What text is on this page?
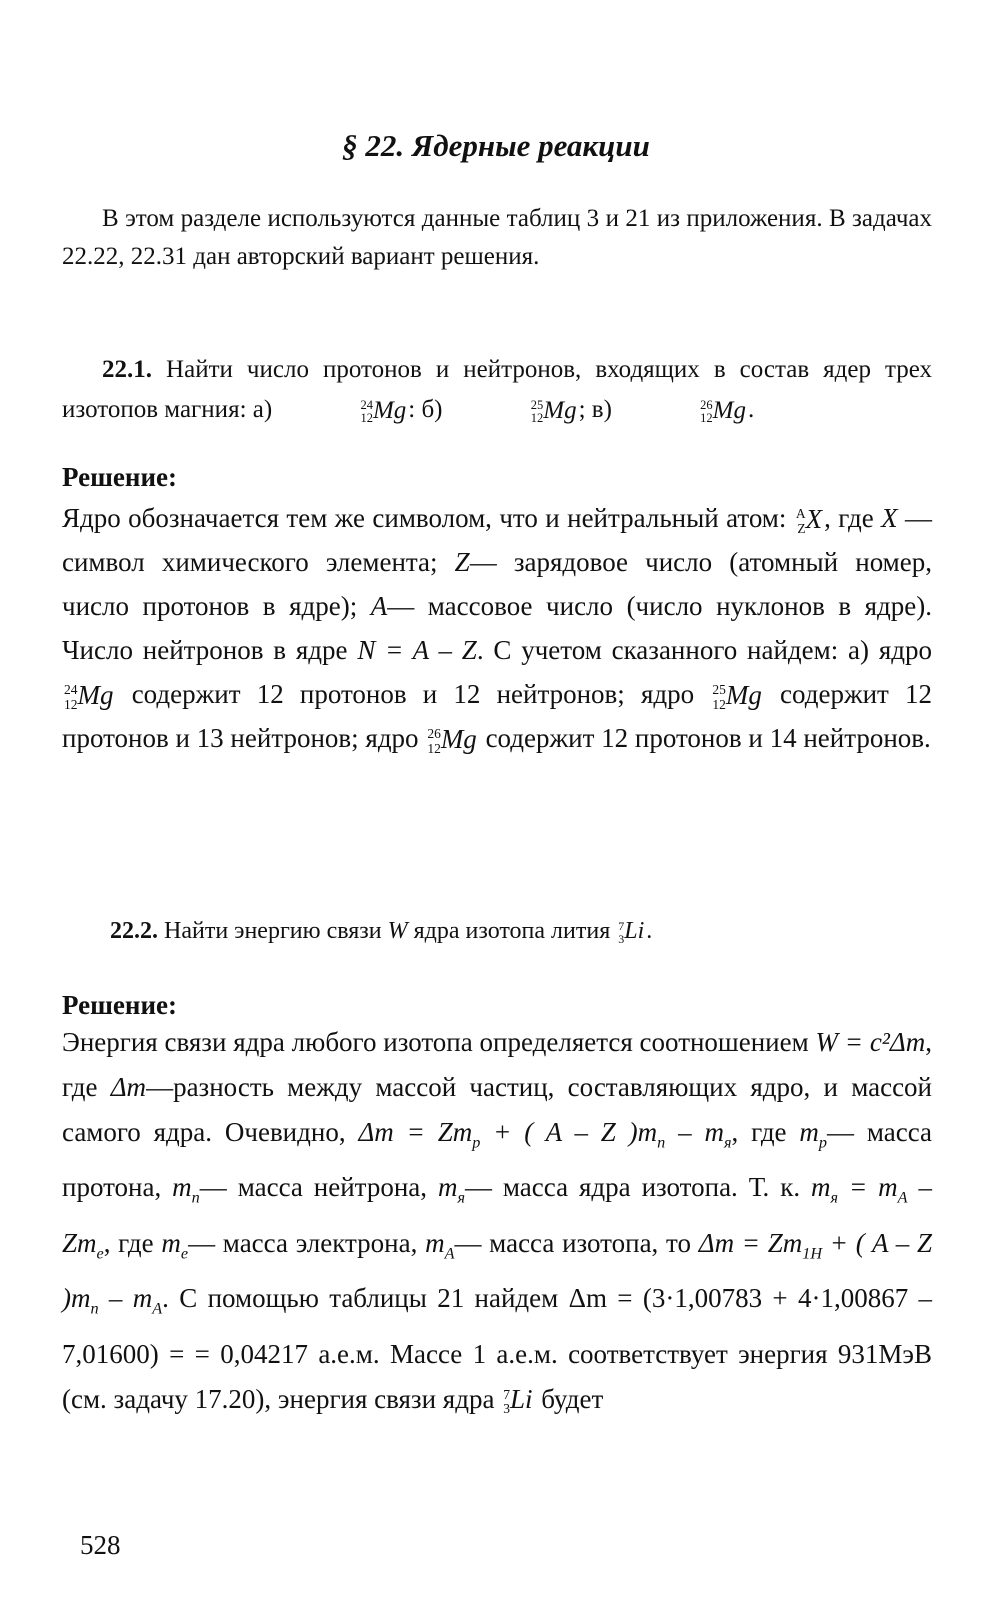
§ 22. Ядерные реакции
В этом разделе используются данные таблиц 3 и 21 из приложения. В задачах 22.22, 22.31 дан авторский вариант решения.
22.1. Найти число протонов и нейтронов, входящих в состав ядер трех изотопов магния: а)	24
12 Mg: б)	25
12 Mg; в)	26
12 Mg.
Решение:
Ядро обозначается тем же символом, что и нейтральный атом: A
Z X, где X — символ химического элемента; Z— зарядовое число (атомный номер, число протонов в ядре); A— массовое число (число нуклонов в ядре). Число нейтронов в ядре N = A – Z. С учетом сказанного найдем: а) ядро
24
12 Mg содержит 12 протонов и 12 нейтронов; ядро 25
12 Mg содержит 12 протонов и 13 нейтронов; ядро 26
12 Mg содержит 12 протонов и 14 нейтронов.
22.2. Найти энергию связи W ядра изотопа лития 7
3 Li.
Решение:
Энергия связи ядра любого изотопа определяется соотношением W = c²Δm, где Δm—разность между массой частиц, составляющих ядро, и массой самого ядра. Очевидно, $\Delta m = Zm_p$ + ( A – Z )$m_n - m_я$, где $m_p—$ масса протона, $m_n—$ масса нейтрона, $m_я—$ масса ядра изотопа. Т. к. $m_я = m_A - Zm_e$, где $m_e—$ масса электрона, $m_A—$ масса изотопа, то $\Delta m = Zm_{1H}$ + ( A – Z )$m_n - m_A$. С помощью таблицы 21 найдем Δm = (3·1,00783 + 4·1,00867 – 7,01600) = = 0,04217 а.е.м. Массе 1 а.е.м. соответствует энергия 931МэВ (см. задачу 17.20), энергия связи ядра 7
3 Li будет
528
